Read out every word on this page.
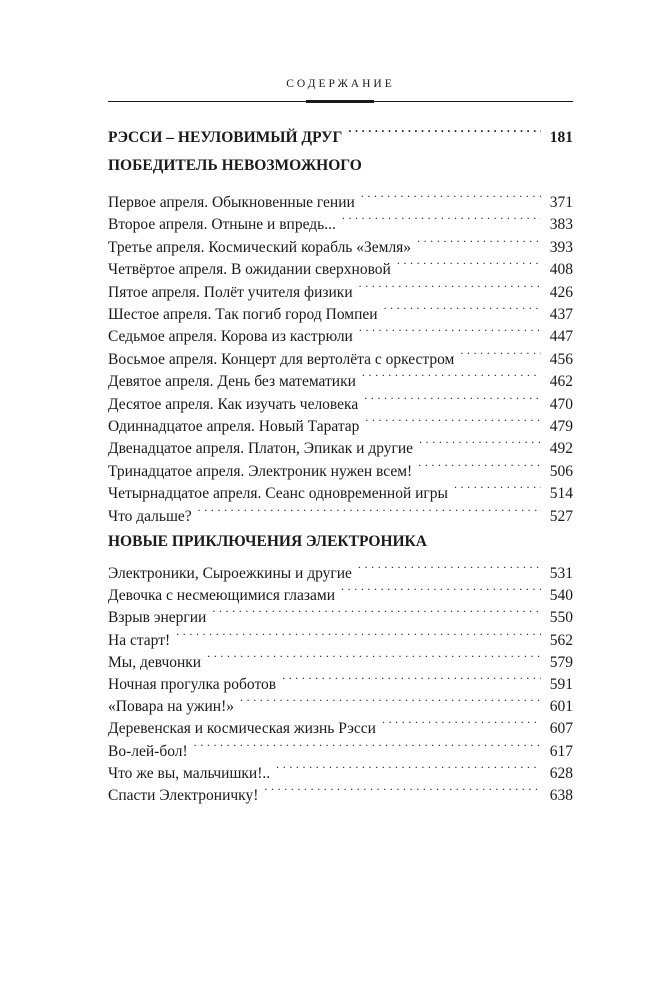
СОДЕРЖАНИЕ
РЭССИ – НЕУЛОВИМЫЙ ДРУГ . . .	181
ПОБЕДИТЕЛЬ НЕВОЗМОЖНОГО
Первое апреля. Обыкновенные гении . . .	371
Второе апреля. Отныне и впредь... . . .	383
Третье апреля. Космический корабль «Земля» . . .	393
Четвёртое апреля. В ожидании сверхновой . . .	408
Пятое апреля. Полёт учителя физики . . .	426
Шестое апреля. Так погиб город Помпеи . . .	437
Седьмое апреля. Корова из кастрюли . . .	447
Восьмое апреля. Концерт для вертолёта с оркестром . . .	456
Девятое апреля. День без математики . . .	462
Десятое апреля. Как изучать человека . . .	470
Одиннадцатое апреля. Новый Таратар . . .	479
Двенадцатое апреля. Платон, Эпикак и другие . . .	492
Тринадцатое апреля. Электроник нужен всем! . . .	506
Четырнадцатое апреля. Сеанс одновременной игры . . .	514
Что дальше? . . .	527
НОВЫЕ ПРИКЛЮЧЕНИЯ ЭЛЕКТРОНИКА
Электроники, Сыроежкины и другие . . .	531
Девочка с несмеющимися глазами . . .	540
Взрыв энергии . . .	550
На старт! . . .	562
Мы, девчонки . . .	579
Ночная прогулка роботов . . .	591
«Повара на ужин!» . . .	601
Деревенская и космическая жизнь Рэсси . . .	607
Во-лей-бол! . . .	617
Что же вы, мальчишки!.. . . .	628
Спасти Электроничку! . . .	638
